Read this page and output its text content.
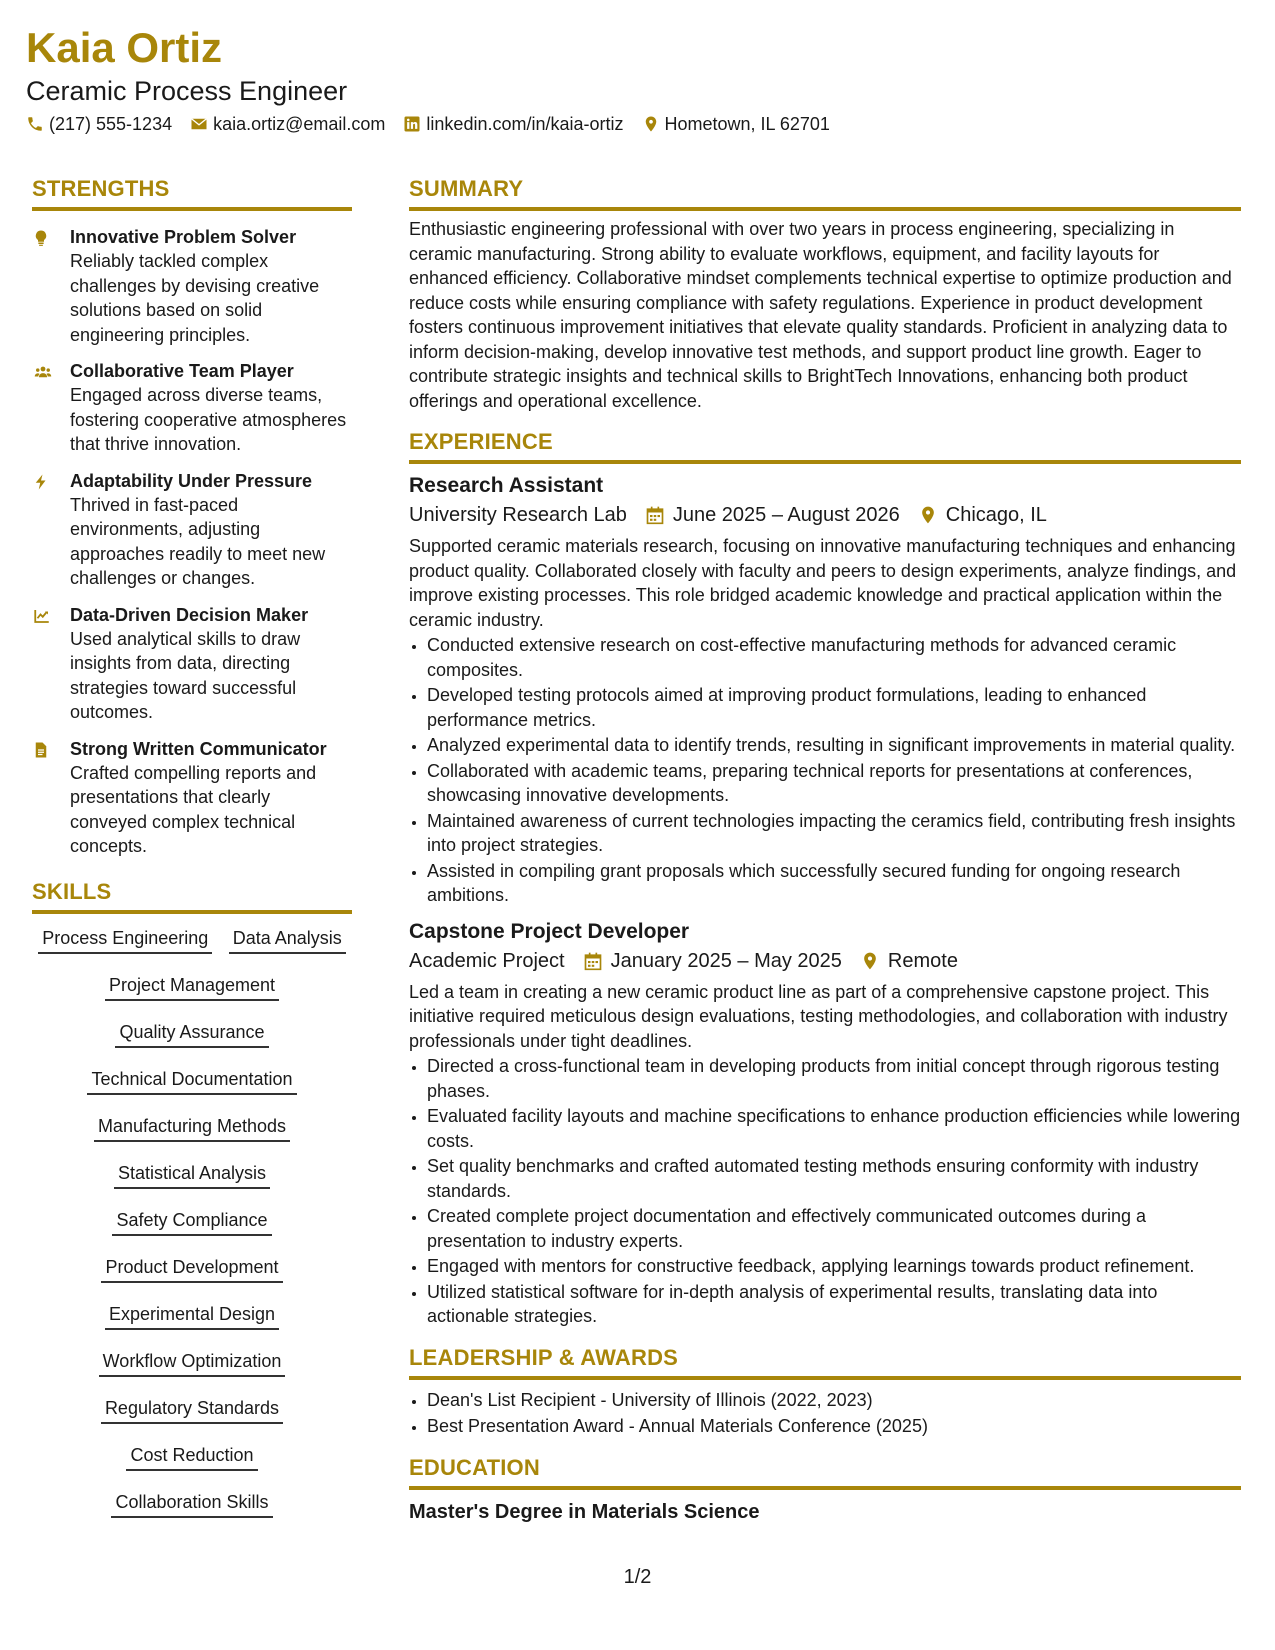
Kaia Ortiz
Ceramic Process Engineer
(217) 555-1234 kaia.ortiz@email.com linkedin.com/in/kaia-ortiz Hometown, IL 62701
STRENGTHS
Innovative Problem Solver
Reliably tackled complex challenges by devising creative solutions based on solid engineering principles.
Collaborative Team Player
Engaged across diverse teams, fostering cooperative atmospheres that thrive innovation.
Adaptability Under Pressure
Thrived in fast-paced environments, adjusting approaches readily to meet new challenges or changes.
Data-Driven Decision Maker
Used analytical skills to draw insights from data, directing strategies toward successful outcomes.
Strong Written Communicator
Crafted compelling reports and presentations that clearly conveyed complex technical concepts.
SKILLS
Process Engineering Data Analysis
Project Management
Quality Assurance
Technical Documentation
Manufacturing Methods
Statistical Analysis
Safety Compliance
Product Development
Experimental Design
Workflow Optimization
Regulatory Standards
Cost Reduction
Collaboration Skills
SUMMARY

Enthusiastic engineering professional with over two years in process engineering, specializing in ceramic manufacturing. Strong ability to evaluate workflows, equipment, and facility layouts for enhanced efficiency. Collaborative mindset complements technical expertise to optimize production and reduce costs while ensuring compliance with safety regulations. Experience in product development fosters continuous improvement initiatives that elevate quality standards. Proficient in analyzing data to inform decision-making, develop innovative test methods, and support product line growth. Eager to contribute strategic insights and technical skills to BrightTech Innovations, enhancing both product offerings and operational excellence.

EXPERIENCE
Research Assistant
University Research Lab June 2025 – August 2026 Chicago, IL

Supported ceramic materials research, focusing on innovative manufacturing techniques and enhancing product quality. Collaborated closely with faculty and peers to design experiments, analyze findings, and improve existing processes. This role bridged academic knowledge and practical application within the ceramic industry.

• Conducted extensive research on cost-effective manufacturing methods for advanced ceramic composites.
• Developed testing protocols aimed at improving product formulations, leading to enhanced performance metrics.
• Analyzed experimental data to identify trends, resulting in significant improvements in material quality.
• Collaborated with academic teams, preparing technical reports for presentations at conferences, showcasing innovative developments.
• Maintained awareness of current technologies impacting the ceramics field, contributing fresh insights into project strategies.
• Assisted in compiling grant proposals which successfully secured funding for ongoing research ambitions.
Capstone Project Developer
Academic Project January 2025 – May 2025 Remote

Led a team in creating a new ceramic product line as part of a comprehensive capstone project. This initiative required meticulous design evaluations, testing methodologies, and collaboration with industry professionals under tight deadlines.

• Directed a cross-functional team in developing products from initial concept through rigorous testing phases.
• Evaluated facility layouts and machine specifications to enhance production efficiencies while lowering costs.
• Set quality benchmarks and crafted automated testing methods ensuring conformity with industry standards.
• Created complete project documentation and effectively communicated outcomes during a presentation to industry experts.
• Engaged with mentors for constructive feedback, applying learnings towards product refinement.
• Utilized statistical software for in-depth analysis of experimental results, translating data into actionable strategies.
LEADERSHIP & AWARDS
• Dean's List Recipient - University of Illinois (2022, 2023)
• Best Presentation Award - Annual Materials Conference (2025)
EDUCATION
Master's Degree in Materials Science
1/2
